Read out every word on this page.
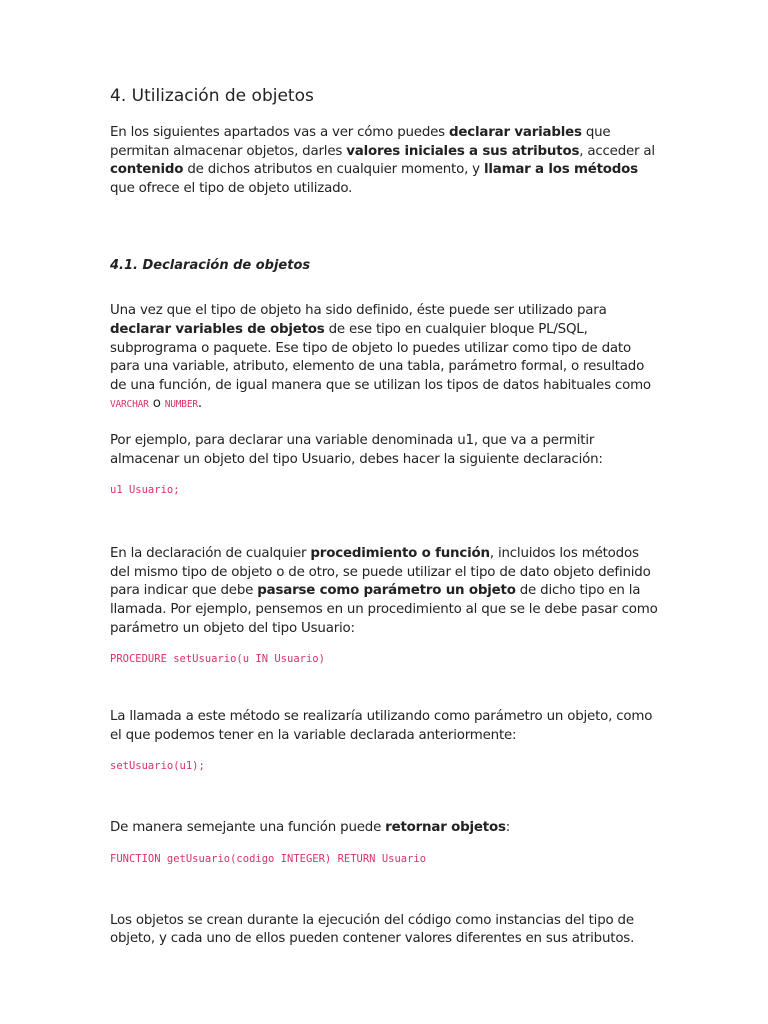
4. Utilización de objetos

En los siguientes apartados vas a ver cómo puedes declarar variables que permitan almacenar objetos, darles valores iniciales a sus atributos, acceder al contenido de dichos atributos en cualquier momento, y llamar a los métodos que ofrece el tipo de objeto utilizado.

4.1. Declaración de objetos

Una vez que el tipo de objeto ha sido definido, éste puede ser utilizado para declarar variables de objetos de ese tipo en cualquier bloque PL/SQL, subprograma o paquete. Ese tipo de objeto lo puedes utilizar como tipo de dato para una variable, atributo, elemento de una tabla, parámetro formal, o resultado de una función, de igual manera que se utilizan los tipos de datos habituales como VARCHAR o NUMBER.

Por ejemplo, para declarar una variable denominada u1, que va a permitir almacenar un objeto del tipo Usuario, debes hacer la siguiente declaración:

u1 Usuario;

En la declaración de cualquier procedimiento o función, incluidos los métodos del mismo tipo de objeto o de otro, se puede utilizar el tipo de dato objeto definido para indicar que debe pasarse como parámetro un objeto de dicho tipo en la llamada. Por ejemplo, pensemos en un procedimiento al que se le debe pasar como parámetro un objeto del tipo Usuario:

PROCEDURE setUsuario(u IN Usuario)

La llamada a este método se realizaría utilizando como parámetro un objeto, como el que podemos tener en la variable declarada anteriormente:

setUsuario(u1);

De manera semejante una función puede retornar objetos:

FUNCTION getUsuario(codigo INTEGER) RETURN Usuario

Los objetos se crean durante la ejecución del código como instancias del tipo de objeto, y cada uno de ellos pueden contener valores diferentes en sus atributos.
